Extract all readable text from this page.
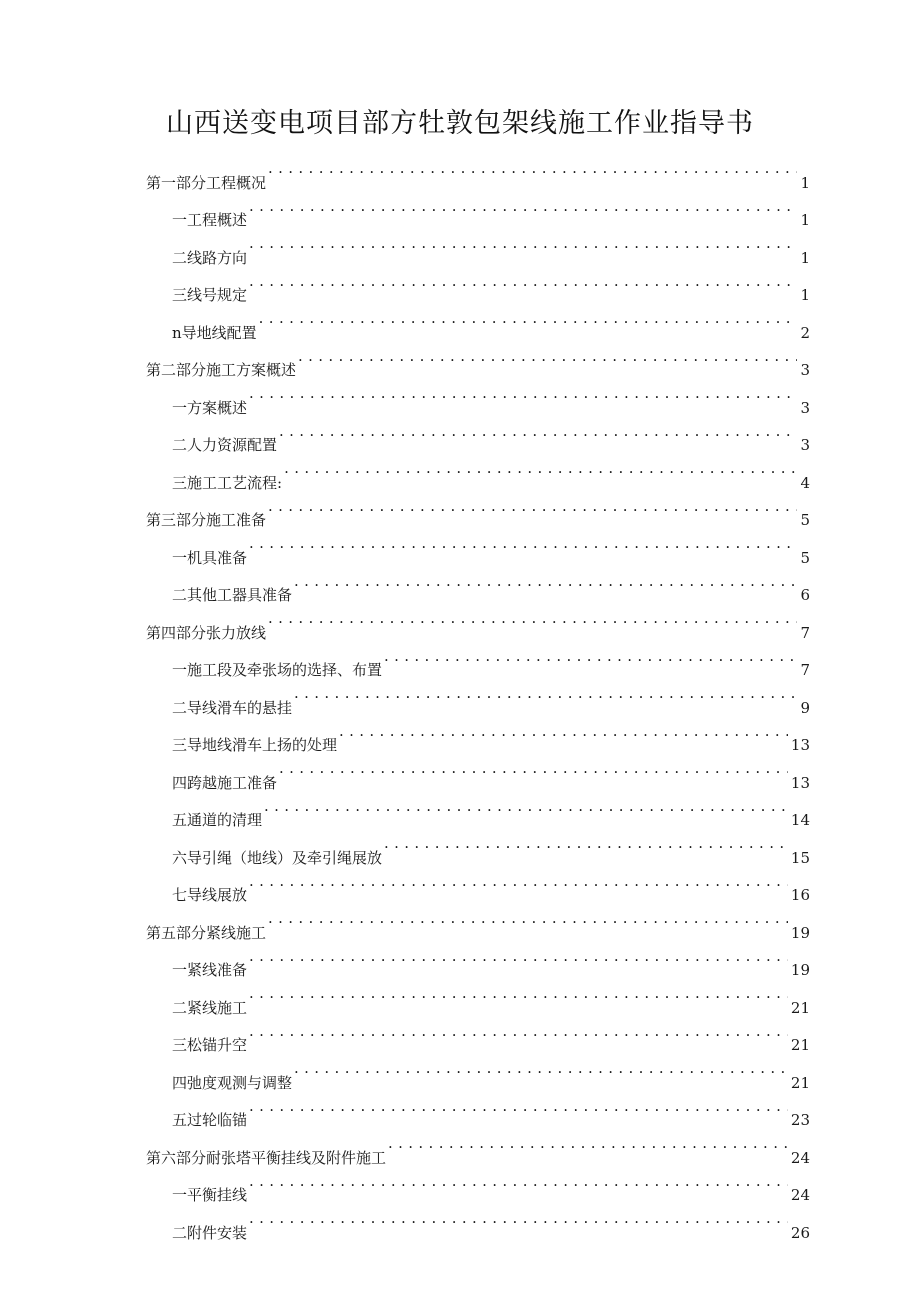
山西送变电项目部方牡敦包架线施工作业指导书
第一部分工程概况 . . .	1
一工程概述 . . .	1
二线路方向 . . .	1
三线号规定 . . .	1
n导地线配置 . . .	2
第二部分施工方案概述 . . .	3
一方案概述 . . .	3
二人力资源配置 . . .	3
三施工工艺流程: . . .	4
第三部分施工准备 . . .	5
一机具准备 . . .	5
二其他工器具准备 . . .	6
第四部分张力放线 . . .	7
一施工段及牵张场的选择、布置 . . .	7
二导线滑车的悬挂 . . .	9
三导地线滑车上扬的处理 . . .	13
四跨越施工准备 . . .	13
五通道的清理 . . .	14
六导引绳（地线）及牵引绳展放 . . .	15
七导线展放 . . .	16
第五部分紧线施工 . . .	19
一紧线准备 . . .	19
二紧线施工 . . .	21
三松锚升空 . . .	21
四弛度观测与调整 . . .	21
五过轮临锚 . . .	23
第六部分耐张塔平衡挂线及附件施工 . . .	24
一平衡挂线 . . .	24
二附件安装 . . .	26
